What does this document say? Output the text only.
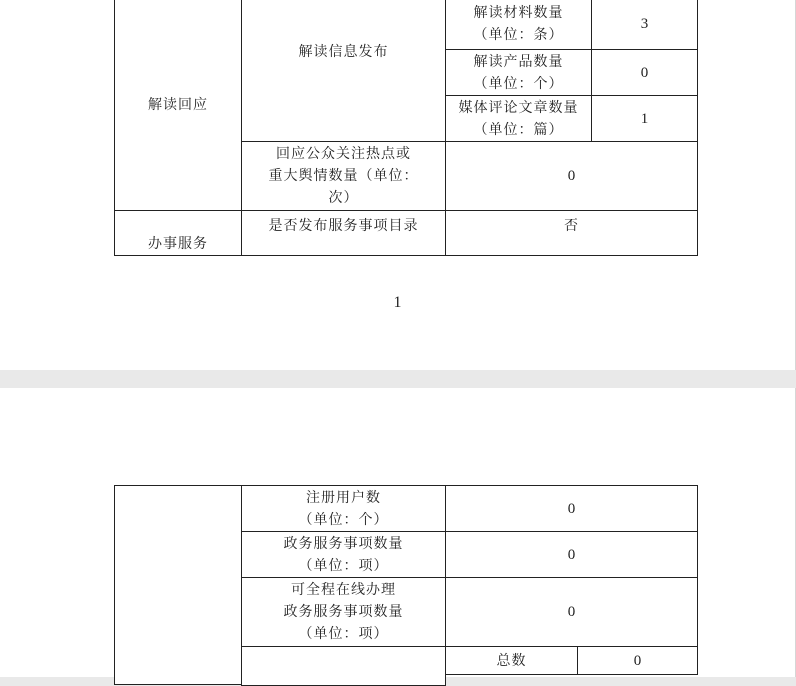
解读回应
办事服务
解读信息发布
解读材料数量
（单位：条）
解读产品数量
（单位：个）
媒体评论文章数量
（单位：篇）
3
0
1
回应公众关注热点或
重大舆情数量（单位：
次）
0
是否发布服务事项目录	否
1
注册用户数
（单位：个）
0
政务服务事项数量
（单位：项）
0
可全程在线办理
政务服务事项数量
（单位：项）
0
总数	0
